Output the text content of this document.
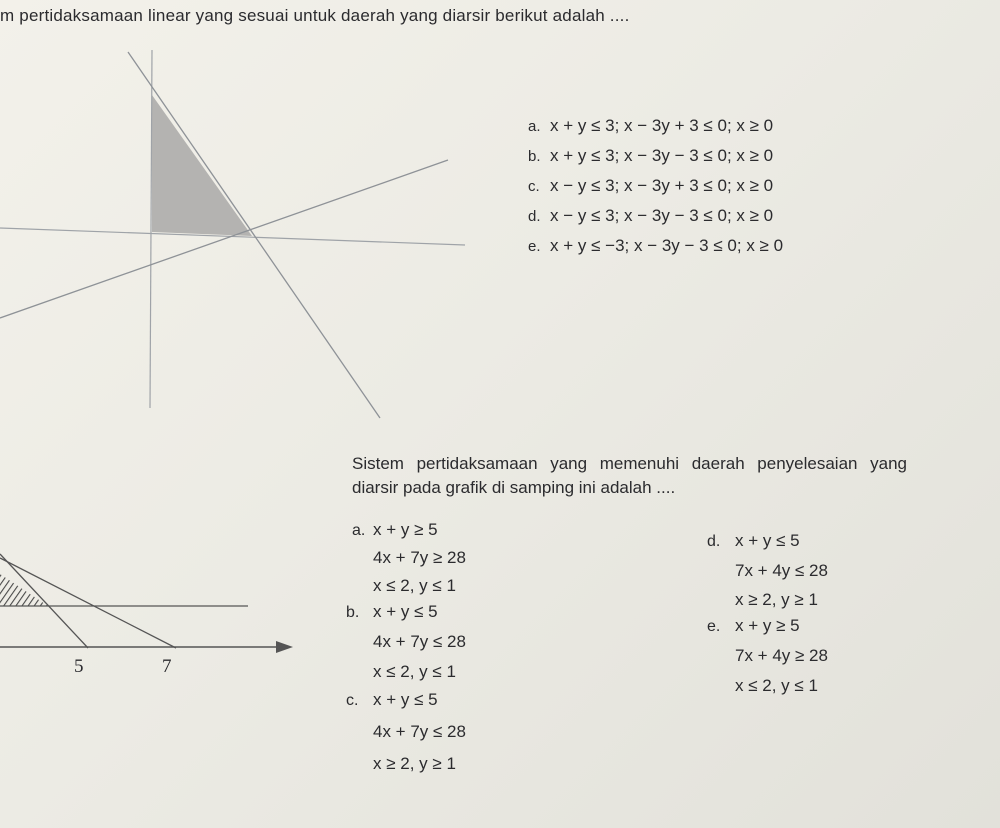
m pertidaksamaan linear yang sesuai untuk daerah yang diarsir berikut adalah ....
a. x + y ≤ 3; x − 3y + 3 ≤ 0; x ≥ 0
b. x + y ≤ 3; x − 3y − 3 ≤ 0; x ≥ 0
c. x − y ≤ 3; x − 3y + 3 ≤ 0; x ≥ 0
d. x − y ≤ 3; x − 3y − 3 ≤ 0; x ≥ 0
e. x + y ≤ −3; x − 3y − 3 ≤ 0; x ≥ 0
5	7
Sistem pertidaksamaan yang memenuhi daerah penyelesaian yang diarsir pada grafik di samping ini adalah ....
a. x + y ≥ 5
4x + 7y ≥ 28
x ≤ 2, y ≤ 1
b. x + y ≤ 5
4x + 7y ≤ 28
x ≤ 2, y ≤ 1
c. x + y ≤ 5
4x + 7y ≤ 28
x ≥ 2, y ≥ 1
d. x + y ≤ 5
7x + 4y ≤ 28
x ≥ 2, y ≥ 1
e. x + y ≥ 5
7x + 4y ≥ 28
x ≤ 2, y ≤ 1
